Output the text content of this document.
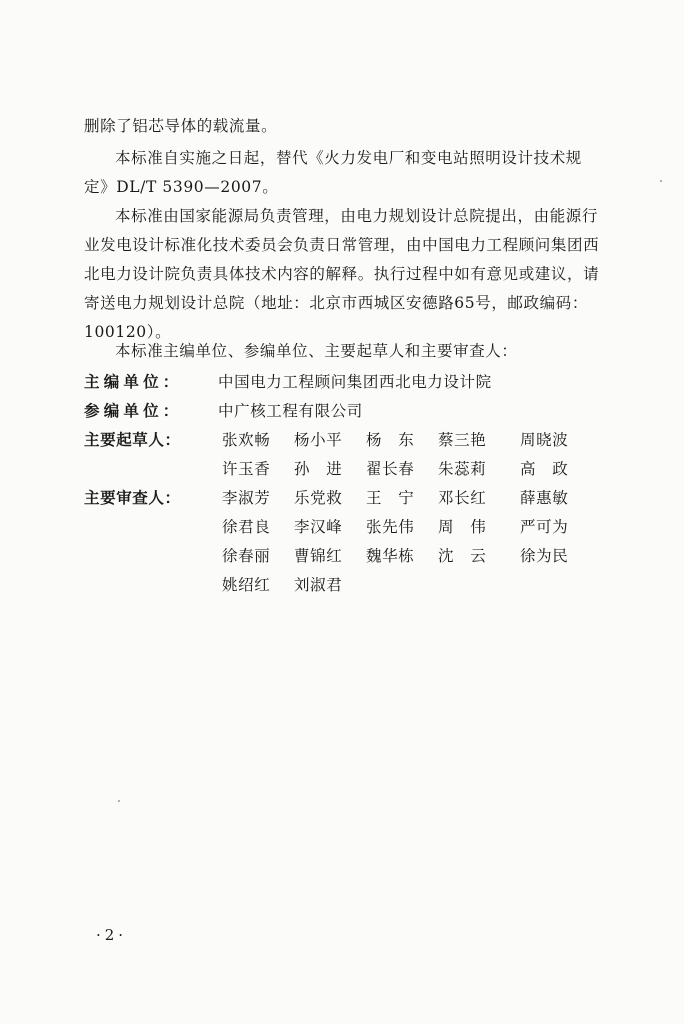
删除了铝芯导体的载流量。

本标准自实施之日起，替代《火力发电厂和变电站照明设计技术规定》DL/T 5390—2007。

本标准由国家能源局负责管理，由电力规划设计总院提出，由能源行业发电设计标准化技术委员会负责日常管理，由中国电力工程顾问集团西北电力设计院负责具体技术内容的解释。执行过程中如有意见或建议，请寄送电力规划设计总院（地址：北京市西城区安德路65号，邮政编码：100120）。

本标准主编单位、参编单位、主要起草人和主要审查人：

主编单位： 中国电力工程顾问集团西北电力设计院
参编单位： 中广核工程有限公司
主要起草人：	张欢畅	杨小平	杨　东	蔡三艳	周晓波
许玉香	孙　进	翟长春	朱蕊莉	高　政
主要审查人：	李淑芳	乐党救	王　宁	邓长红	薛惠敏
徐君良	李汉峰	张先伟	周　伟	严可为
徐春丽	曹锦红	魏华栋	沈　云	徐为民
姚绍红	刘淑君
·2·
